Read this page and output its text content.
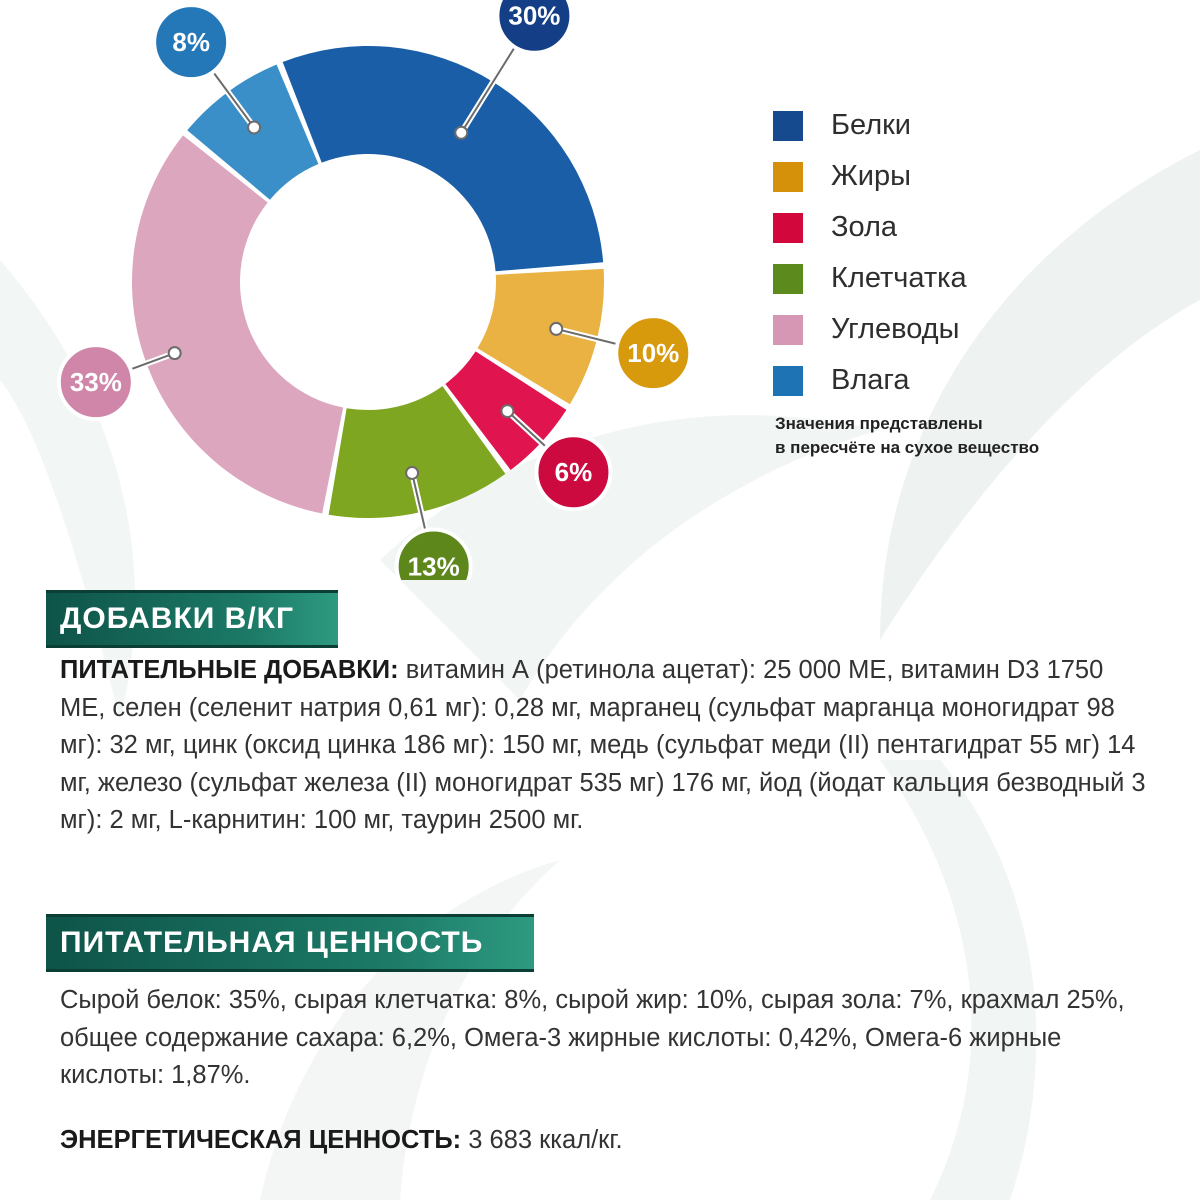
30%
10%
6%
13%
33%
8%
Белки
Жиры
Зола
Клетчатка
Углеводы
Влага
Значения представлены
в пересчёте на сухое вещество
ДОБАВКИ В/КГ
ПИТАТЕЛЬНЫЕ ДОБАВКИ: витамин А (ретинола ацетат): 25 000 МЕ, витамин D3 1750 МЕ, селен (селенит натрия 0,61 мг): 0,28 мг, марганец (сульфат марганца моногидрат 98 мг): 32 мг, цинк (оксид цинка 186 мг): 150 мг, медь (сульфат меди (II) пентагидрат 55 мг) 14 мг, железо (сульфат железа (II) моногидрат 535 мг) 176 мг, йод (йодат кальция безводный 3 мг): 2 мг, L-карнитин: 100 мг, таурин 2500 мг.
ПИТАТЕЛЬНАЯ ЦЕННОСТЬ
Сырой белок: 35%, сырая клетчатка: 8%, сырой жир: 10%, сырая зола: 7%, крахмал 25%, общее содержание сахара: 6,2%, Омега-3 жирные кислоты: 0,42%, Омега-6 жирные кислоты: 1,87%.
ЭНЕРГЕТИЧЕСКАЯ ЦЕННОСТЬ: 3 683 ккал/кг.
